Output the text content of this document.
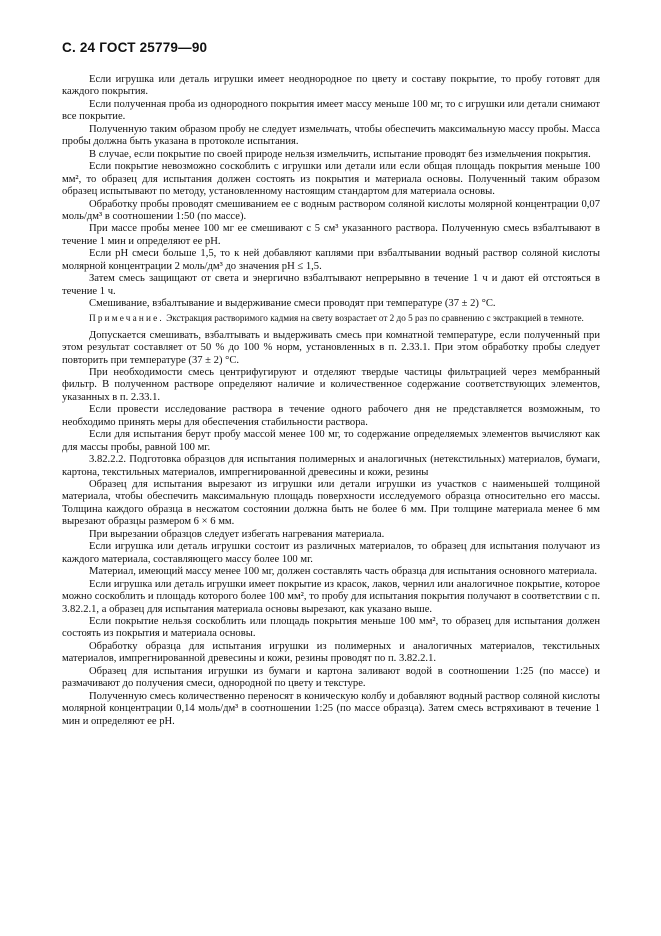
С. 24 ГОСТ 25779—90

Если игрушка или деталь игрушки имеет неоднородное по цвету и составу покрытие, то пробу готовят для каждого покрытия.

Если полученная проба из однородного покрытия имеет массу меньше 100 мг, то с игрушки или детали снимают все покрытие.

Полученную таким образом пробу не следует измельчать, чтобы обеспечить максимальную массу пробы. Масса пробы должна быть указана в протоколе испытания.

В случае, если покрытие по своей природе нельзя измельчить, испытание проводят без измельчения покрытия.

Если покрытие невозможно соскоблить с игрушки или детали или если общая площадь покрытия меньше 100 мм², то образец для испытания должен состоять из покрытия и материала основы. Полученный таким образом образец испытывают по методу, установленному настоящим стандартом для материала основы.

Обработку пробы проводят смешиванием ее с водным раствором соляной кислоты молярной концентрации 0,07 моль/дм³ в соотношении 1:50 (по массе).

При массе пробы менее 100 мг ее смешивают с 5 см³ указанного раствора. Полученную смесь взбалтывают в течение 1 мин и определяют ее pH.

Если pH смеси больше 1,5, то к ней добавляют каплями при взбалтывании водный раствор соляной кислоты молярной концентрации 2 моль/дм³ до значения pH ≤ 1,5.

Затем смесь защищают от света и энергично взбалтывают непрерывно в течение 1 ч и дают ей отстояться в течение 1 ч.

Смешивание, взбалтывание и выдерживание смеси проводят при температуре (37 ± 2) °С.

Примечание. Экстракция растворимого кадмия на свету возрастает от 2 до 5 раз по сравнению с экстракцией в темноте.

Допускается смешивать, взбалтывать и выдерживать смесь при комнатной температуре, если полученный при этом результат составляет от 50 % до 100 % норм, установленных в п. 2.33.1. При этом обработку пробы следует повторить при температуре (37 ± 2) °С.

При необходимости смесь центрифугируют и отделяют твердые частицы фильтрацией через мембранный фильтр. В полученном растворе определяют наличие и количественное содержание соответствующих элементов, указанных в п. 2.33.1.

Если провести исследование раствора в течение одного рабочего дня не представляется возможным, то необходимо принять меры для обеспечения стабильности раствора.

Если для испытания берут пробу массой менее 100 мг, то содержание определяемых элементов вычисляют как для массы пробы, равной 100 мг.

3.82.2.2. Подготовка образцов для испытания полимерных и аналогичных (нетекстильных) материалов, бумаги, картона, текстильных материалов, импрегнированной древесины и кожи, резины

Образец для испытания вырезают из игрушки или детали игрушки из участков с наименьшей толщиной материала, чтобы обеспечить максимальную площадь поверхности исследуемого образца относительно его массы. Толщина каждого образца в несжатом состоянии должна быть не более 6 мм. При толщине материала менее 6 мм вырезают образцы размером 6 × 6 мм.

При вырезании образцов следует избегать нагревания материала.

Если игрушка или деталь игрушки состоит из различных материалов, то образец для испытания получают из каждого материала, составляющего массу более 100 мг.

Материал, имеющий массу менее 100 мг, должен составлять часть образца для испытания основного материала.

Если игрушка или деталь игрушки имеет покрытие из красок, лаков, чернил или аналогичное покрытие, которое можно соскоблить и площадь которого более 100 мм², то пробу для испытания покрытия получают в соответствии с п. 3.82.2.1, а образец для испытания материала основы вырезают, как указано выше.

Если покрытие нельзя соскоблить или площадь покрытия меньше 100 мм², то образец для испытания должен состоять из покрытия и материала основы.

Обработку образца для испытания игрушки из полимерных и аналогичных материалов, текстильных материалов, импрегнированной древесины и кожи, резины проводят по п. 3.82.2.1.

Образец для испытания игрушки из бумаги и картона заливают водой в соотношении 1:25 (по массе) и размачивают до получения смеси, однородной по цвету и текстуре.

Полученную смесь количественно переносят в коническую колбу и добавляют водный раствор соляной кислоты молярной концентрации 0,14 моль/дм³ в соотношении 1:25 (по массе образца). Затем смесь встряхивают в течение 1 мин и определяют ее pH.
